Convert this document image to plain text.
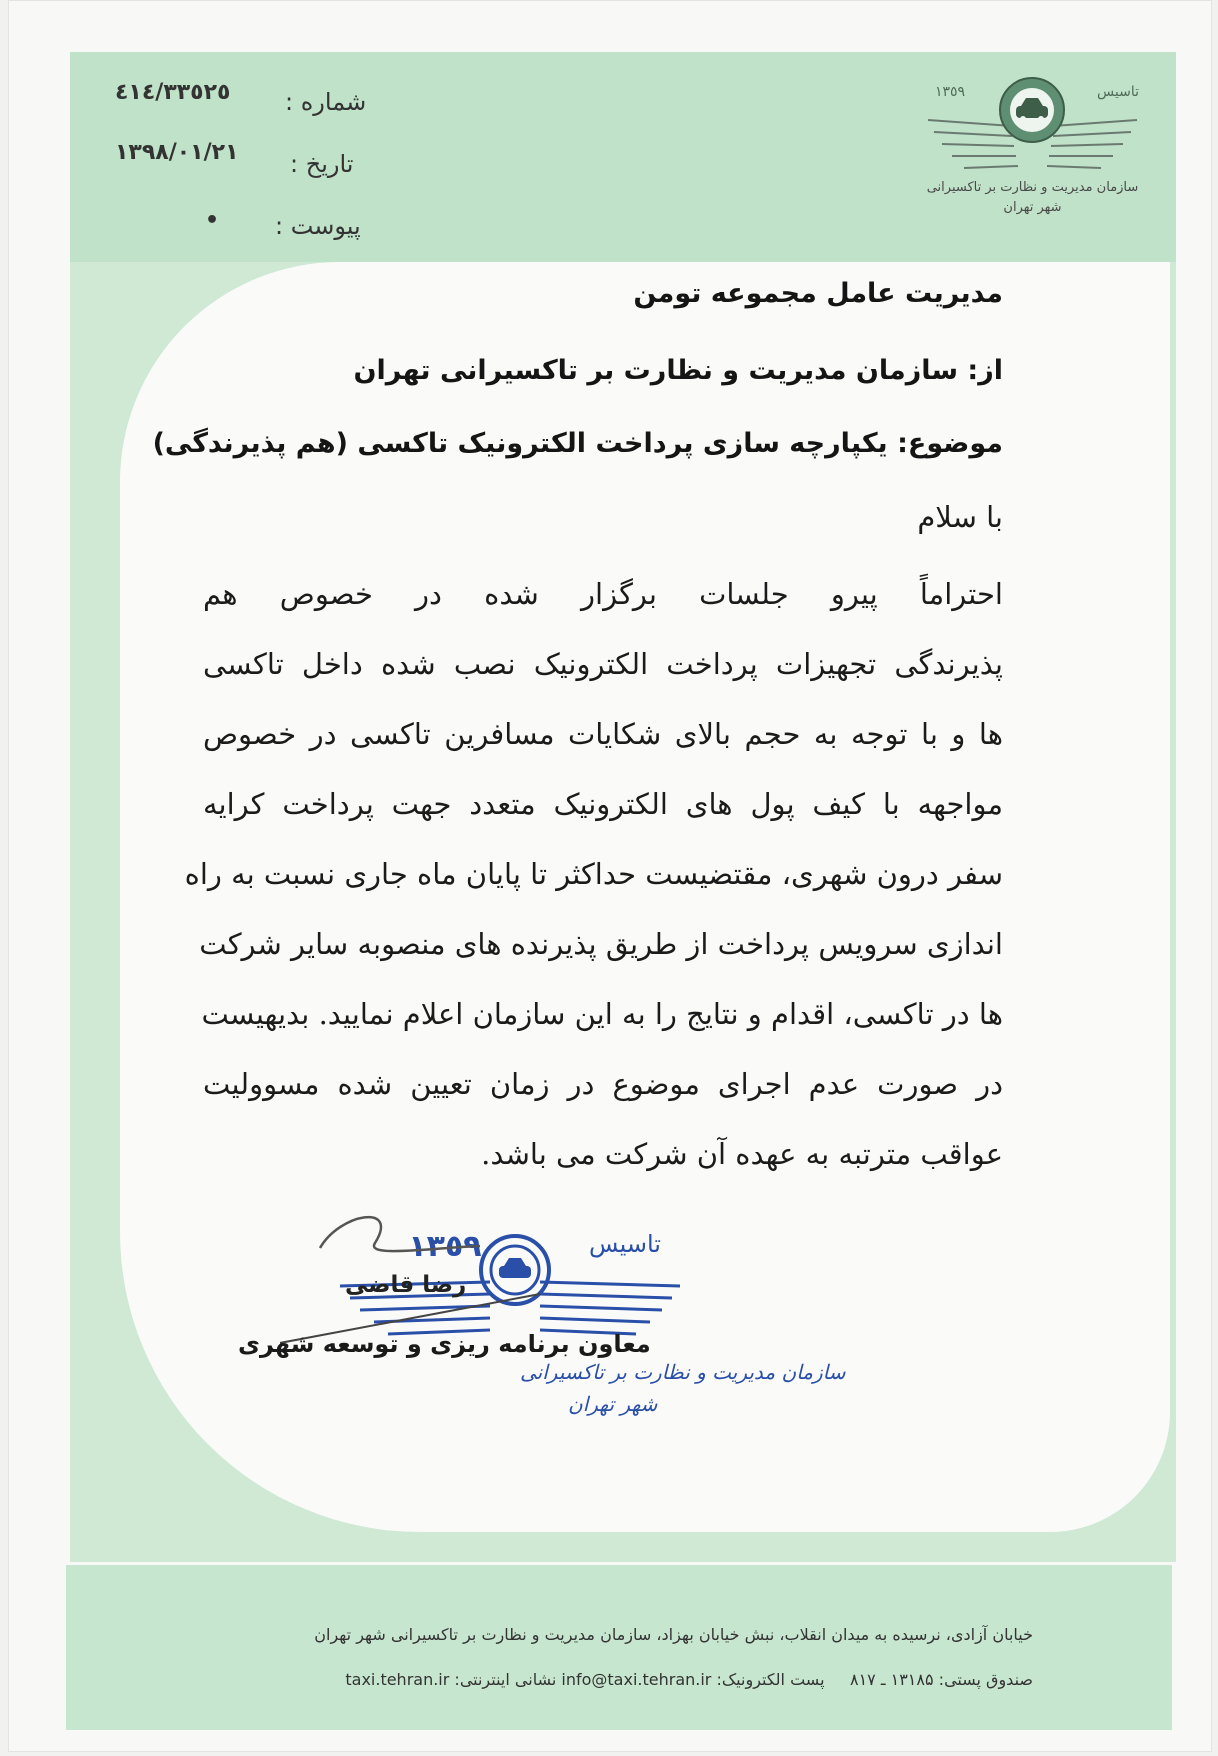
شماره :
٤١٤/٣٣٥٢٥
تاریخ :
١٣٩٨/٠١/٢١
پیوست :
•
تاسیس
١٣٥٩
سازمان مدیریت و نظارت بر تاکسیرانی
شهر تهران
مدیریت عامل مجموعه تومن
از: سازمان مدیریت و نظارت بر تاکسیرانی تهران
موضوع: یکپارچه سازی پرداخت الکترونیک تاکسی (هم پذیرندگی)
با سلام
احتراماً پیرو جلسات برگزار شده در خصوص هم
پذیرندگی تجهیزات پرداخت الکترونیک نصب شده داخل تاکسی
ها و با توجه به حجم بالای شکایات مسافرین تاکسی در خصوص
مواجهه با کیف پول های الکترونیک متعدد جهت پرداخت کرایه
سفر درون شهری، مقتضیست حداکثر تا پایان ماه جاری نسبت به راه
اندازی سرویس پرداخت از طریق پذیرنده های منصوبه سایر شرکت
ها در تاکسی، اقدام و نتایج را به این سازمان اعلام نمایید. بدیهیست
در صورت عدم اجرای موضوع در زمان تعیین شده مسوولیت
عواقب مترتبه به عهده آن شرکت می باشد.
١٣٥٩	تاسیس
رضا قاضی
معاون برنامه ریزی و توسعه شهری
سازمان مدیریت و نظارت بر تاکسیرانی
شهر تهران
خیابان آزادی، نرسیده به میدان انقلاب، نبش خیابان بهزاد، سازمان مدیریت و نظارت بر تاکسیرانی شهر تهران
صندوق پستی: ۱۳۱۸۵ ـ ۸۱۷     پست الکترونیک: info@taxi.tehran.ir نشانی اینترنتی: taxi.tehran.ir
